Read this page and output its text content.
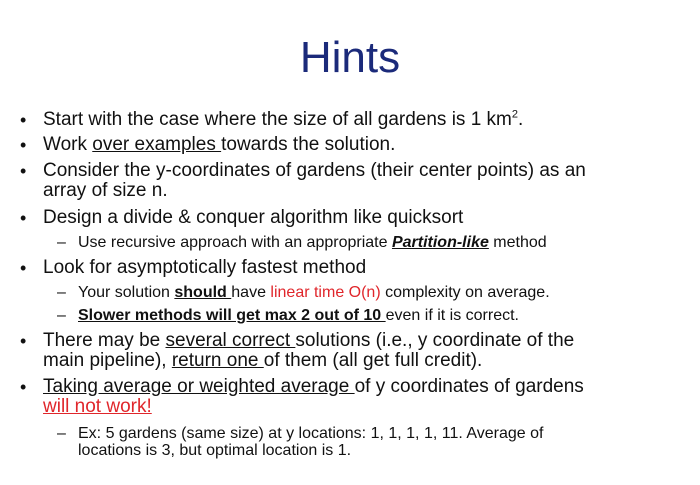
Hints
• Start with the case where the size of all gardens is 1 $km^2$.
• Work over examples towards the solution.
• Consider the y-coordinates of gardens (their center points) as an
array of size n.
• Design a divide & conquer algorithm like quicksort
– Use recursive approach with an appropriate Partition-like method
• Look for asymptotically fastest method
– Your solution should have linear time O(n) complexity on average.
– Slower methods will get max 2 out of 10 even if it is correct.
• There may be several correct solutions (i.e., y coordinate of the
main pipeline), return one of them (all get full credit).
• Taking average or weighted average of y coordinates of gardens
will not work!
– Ex: 5 gardens (same size) at y locations: 1, 1, 1, 1, 11. Average of
locations is 3, but optimal location is 1.
